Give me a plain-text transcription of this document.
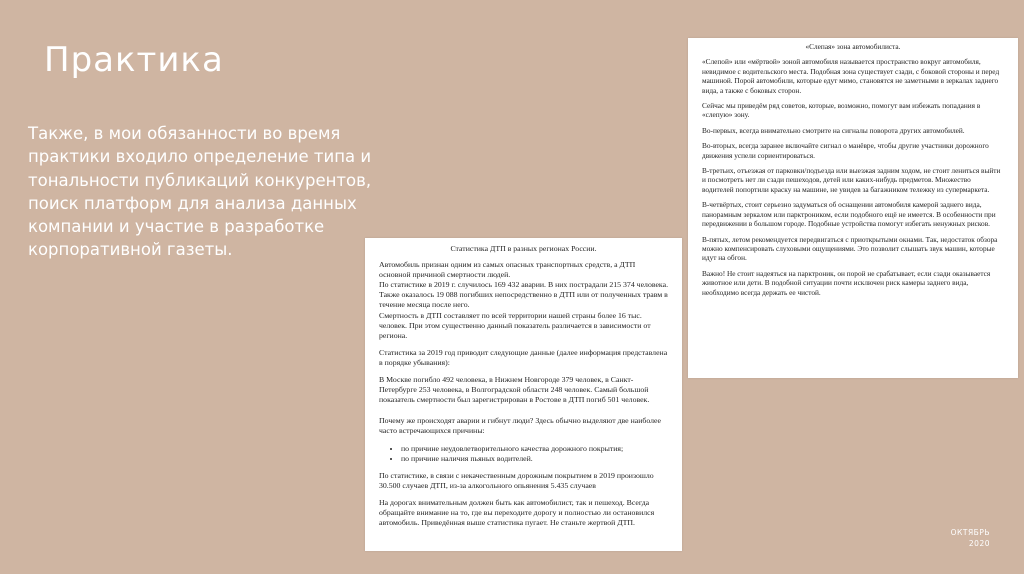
Практика
Также, в мои обязанности во время практики входило определение типа и тональности публикаций конкурентов, поиск платформ для анализа данных компании и участие в разработке корпоративной газеты.	Статистика ДТП в разных регионах России.

Автомобиль признан одним из самых опасных транспортных средств, а ДТП основной причиной смертности людей.

По статистике в 2019 г. случилось 169 432 аварии. В них пострадали 215 374 человека. Также оказалось 19 088 погибших непосредственно в ДТП или от полученных травм в течение месяца после него.

Смертность в ДТП составляет по всей территории нашей страны более 16 тыс. человек. При этом существенно данный показатель различается в зависимости от региона.

Статистика за 2019 год приводит следующие данные (далее информация представлена в порядке убывания):

В Москве погибло 492 человека, в Нижнем Новгороде 379 человек, в Санкт-Петербурге 253 человека, в Волгоградской области 248 человек. Самый большой показатель смертности был зарегистрирован в Ростове в ДТП погиб 501 человек.

Почему же происходят аварии и гибнут люди? Здесь обычно выделяют две наиболее часто встречающихся причины:

• по причине неудовлетворительного качества дорожного покрытия;
• по причине наличия пьяных водителей.

По статистике, в связи с некачественным дорожным покрытием в 2019 произошло 30.500 случаев ДТП, из-за алкогольного опьянения 5.435 случаев

На дорогах внимательным должен быть как автомобилист, так и пешеход. Всегда обращайте внимание на то, где вы переходите дорогу и полностью ли остановился автомобиль. Приведённая выше статистика пугает. Не станьте жертвой ДТП.

«Слепая» зона автомобилиста.

«Слепой» или «мёртвой» зоной автомобиля называется пространство вокруг автомобиля, невидимое с водительского места. Подобная зона существует сзади, с боковой стороны и перед машиной. Порой автомобили, которые едут мимо, становятся не заметными в зеркалах заднего вида, а также с боковых сторон.

Сейчас мы приведём ряд советов, которые, возможно, помогут вам избежать попадания в «слепую» зону.

Во-первых, всегда внимательно смотрите на сигналы поворота других автомобилей.

Во-вторых, всегда заранее включайте сигнал о манёвре, чтобы другие участники дорожного движения успели сориентироваться.

В-третьих, отъезжая от парковки/подъезда или выезжая задним ходом, не стоит лениться выйти и посмотреть нет ли сзади пешеходов, детей или каких-нибудь предметов. Множество водителей попортили краску на машине, не увидев за багажником тележку из супермаркета.

В-четвёртых, стоит серьезно задуматься об оснащении автомобиля камерой заднего вида, панорамным зеркалом или парктроником, если подобного ещё не имеется. В особенности при передвижении в большом городе. Подобные устройства помогут избегать ненужных рисков.

В-пятых, летом рекомендуется передвигаться с приоткрытыми окнами. Так, недостаток обзора можно компенсировать слуховыми ощущениями. Это позволит слышать звук машин, которые идут на обгон.

Важно! Не стоит надеяться на парктроник, он порой не срабатывает, если сзади оказывается животное или дети. В подобной ситуации почти исключен риск камеры заднего вида, необходимо всегда держать ее чистой.

ОКТЯБРЬ
2020
